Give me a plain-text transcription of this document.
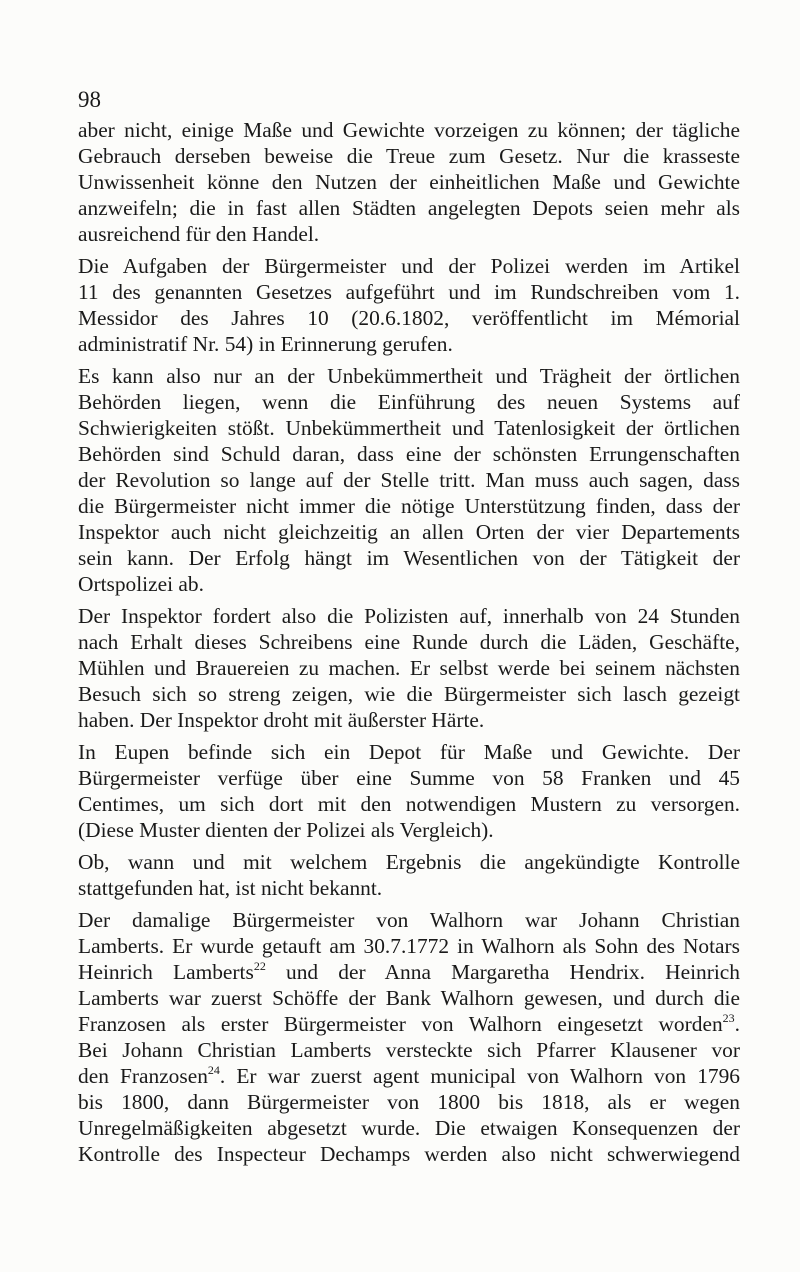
98
aber nicht, einige Maße und Gewichte vorzeigen zu können; der tägliche
Gebrauch derseben beweise die Treue zum Gesetz. Nur die krasseste
Unwissenheit könne den Nutzen der einheitlichen Maße und Gewichte
anzweifeln; die in fast allen Städten angelegten Depots seien mehr als
ausreichend für den Handel.
Die Aufgaben der Bürgermeister und der Polizei werden im Artikel
11 des genannten Gesetzes aufgeführt und im Rundschreiben vom 1.
Messidor des Jahres 10 (20.6.1802, veröffentlicht im Mémorial
administratif Nr. 54) in Erinnerung gerufen.
Es kann also nur an der Unbekümmertheit und Trägheit der örtlichen
Behörden liegen, wenn die Einführung des neuen Systems auf
Schwierigkeiten stößt. Unbekümmertheit und Tatenlosigkeit der örtlichen
Behörden sind Schuld daran, dass eine der schönsten Errungenschaften
der Revolution so lange auf der Stelle tritt. Man muss auch sagen, dass
die Bürgermeister nicht immer die nötige Unterstützung finden, dass der
Inspektor auch nicht gleichzeitig an allen Orten der vier Departements
sein kann. Der Erfolg hängt im Wesentlichen von der Tätigkeit der
Ortspolizei ab.
Der Inspektor fordert also die Polizisten auf, innerhalb von 24 Stunden
nach Erhalt dieses Schreibens eine Runde durch die Läden, Geschäfte,
Mühlen und Brauereien zu machen. Er selbst werde bei seinem nächsten
Besuch sich so streng zeigen, wie die Bürgermeister sich lasch gezeigt
haben. Der Inspektor droht mit äußerster Härte.
In Eupen befinde sich ein Depot für Maße und Gewichte. Der
Bürgermeister verfüge über eine Summe von 58 Franken und 45
Centimes, um sich dort mit den notwendigen Mustern zu versorgen.
(Diese Muster dienten der Polizei als Vergleich).
Ob, wann und mit welchem Ergebnis die angekündigte Kontrolle
stattgefunden hat, ist nicht bekannt.
Der damalige Bürgermeister von Walhorn war Johann Christian
Lamberts. Er wurde getauft am 30.7.1772 in Walhorn als Sohn des Notars
Heinrich Lamberts$^{22}$ und der Anna Margaretha Hendrix. Heinrich
Lamberts war zuerst Schöffe der Bank Walhorn gewesen, und durch die
Franzosen als erster Bürgermeister von Walhorn eingesetzt worden$^{23}$.
Bei Johann Christian Lamberts versteckte sich Pfarrer Klausener vor
den Franzosen$^{24}$. Er war zuerst agent municipal von Walhorn von 1796
bis 1800, dann Bürgermeister von 1800 bis 1818, als er wegen
Unregelmäßigkeiten abgesetzt wurde. Die etwaigen Konsequenzen der
Kontrolle des Inspecteur Dechamps werden also nicht schwerwiegend
